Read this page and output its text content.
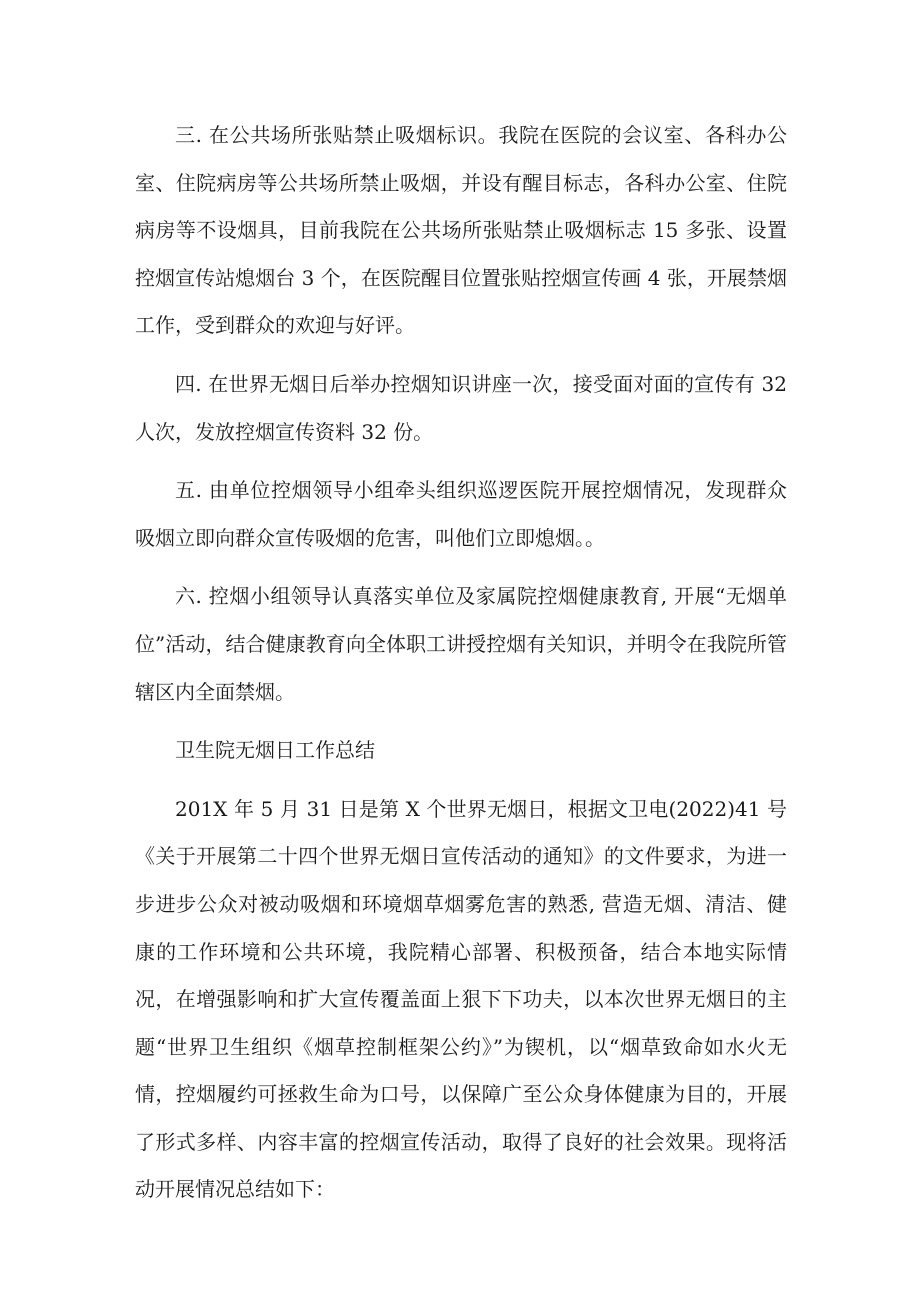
三. 在公共场所张贴禁止吸烟标识。我院在医院的会议室、各科办公室、住院病房等公共场所禁止吸烟，并设有醒目标志，各科办公室、住院病房等不设烟具，目前我院在公共场所张贴禁止吸烟标志 15 多张、设置控烟宣传站熄烟台 3 个，在医院醒目位置张贴控烟宣传画 4 张，开展禁烟工作，受到群众的欢迎与好评。

四. 在世界无烟日后举办控烟知识讲座一次，接受面对面的宣传有 32 人次，发放控烟宣传资料 32 份。

五. 由单位控烟领导小组牵头组织巡逻医院开展控烟情况，发现群众吸烟立即向群众宣传吸烟的危害，叫他们立即熄烟。。

六. 控烟小组领导认真落实单位及家属院控烟健康教育, 开展“无烟单位”活动，结合健康教育向全体职工讲授控烟有关知识，并明令在我院所管辖区内全面禁烟。

卫生院无烟日工作总结

201X 年 5 月 31 日是第 X 个世界无烟日，根据文卫电(2022)41 号《关于开展第二十四个世界无烟日宣传活动的通知》的文件要求，为进一步进步公众对被动吸烟和环境烟草烟雾危害的熟悉, 营造无烟、清洁、健康的工作环境和公共环境，我院精心部署、积极预备，结合本地实际情况，在增强影响和扩大宣传覆盖面上狠下下功夫，以本次世界无烟日的主题“世界卫生组织《烟草控制框架公约》”为锲机，以“烟草致命如水火无情，控烟履约可拯救生命为口号，以保障广至公众身体健康为目的，开展了形式多样、内容丰富的控烟宣传活动，取得了良好的社会效果。现将活动开展情况总结如下：
